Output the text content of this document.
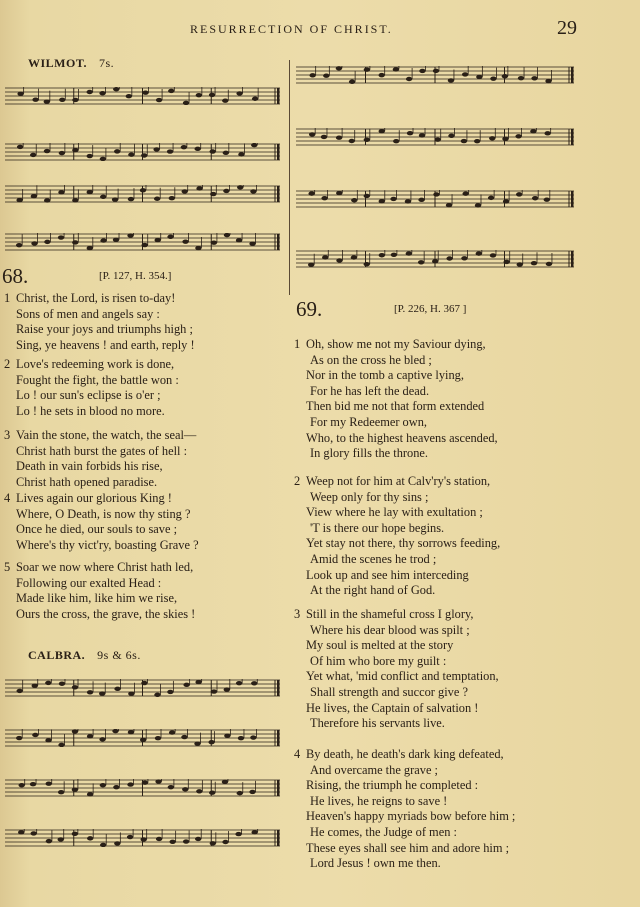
RESURRECTION OF CHRIST.	29
WILMOT. 7s.
68.	[P. 127, H. 354.]
1 Christ, the Lord, is risen to-day!
Sons of men and angels say :
Raise your joys and triumphs high ;
Sing, ye heavens ! and earth, reply !
2 Love's redeeming work is done,
Fought the fight, the battle won :
Lo ! our sun's eclipse is o'er ;
Lo ! he sets in blood no more.
3 Vain the stone, the watch, the seal—
Christ hath burst the gates of hell :
Death in vain forbids his rise,
Christ hath opened paradise.
4 Lives again our glorious King !
Where, O Death, is now thy sting ?
Once he died, our souls to save ;
Where's thy vict'ry, boasting Grave ?
5 Soar we now where Christ hath led,
Following our exalted Head :
Made like him, like him we rise,
Ours the cross, the grave, the skies !
CALBRA. 9s & 6s.
69.	[P. 226, H. 367 ]
1 Oh, show me not my Saviour dying,
As on the cross he bled ;
Nor in the tomb a captive lying,
For he has left the dead.
Then bid me not that form extended
For my Redeemer own,
Who, to the highest heavens ascended,
In glory fills the throne.
2 Weep not for him at Calv'ry's station,
Weep only for thy sins ;
View where he lay with exultation ;
'T is there our hope begins.
Yet stay not there, thy sorrows feeding,
Amid the scenes he trod ;
Look up and see him interceding
At the right hand of God.
3 Still in the shameful cross I glory,
Where his dear blood was spilt ;
My soul is melted at the story
Of him who bore my guilt :
Yet what, 'mid conflict and temptation,
Shall strength and succor give ?
He lives, the Captain of salvation !
Therefore his servants live.
4 By death, he death's dark king defeated,
And overcame the grave ;
Rising, the triumph he completed :
He lives, he reigns to save !
Heaven's happy myriads bow before him ;
He comes, the Judge of men :
These eyes shall see him and adore him ;
Lord Jesus ! own me then.
